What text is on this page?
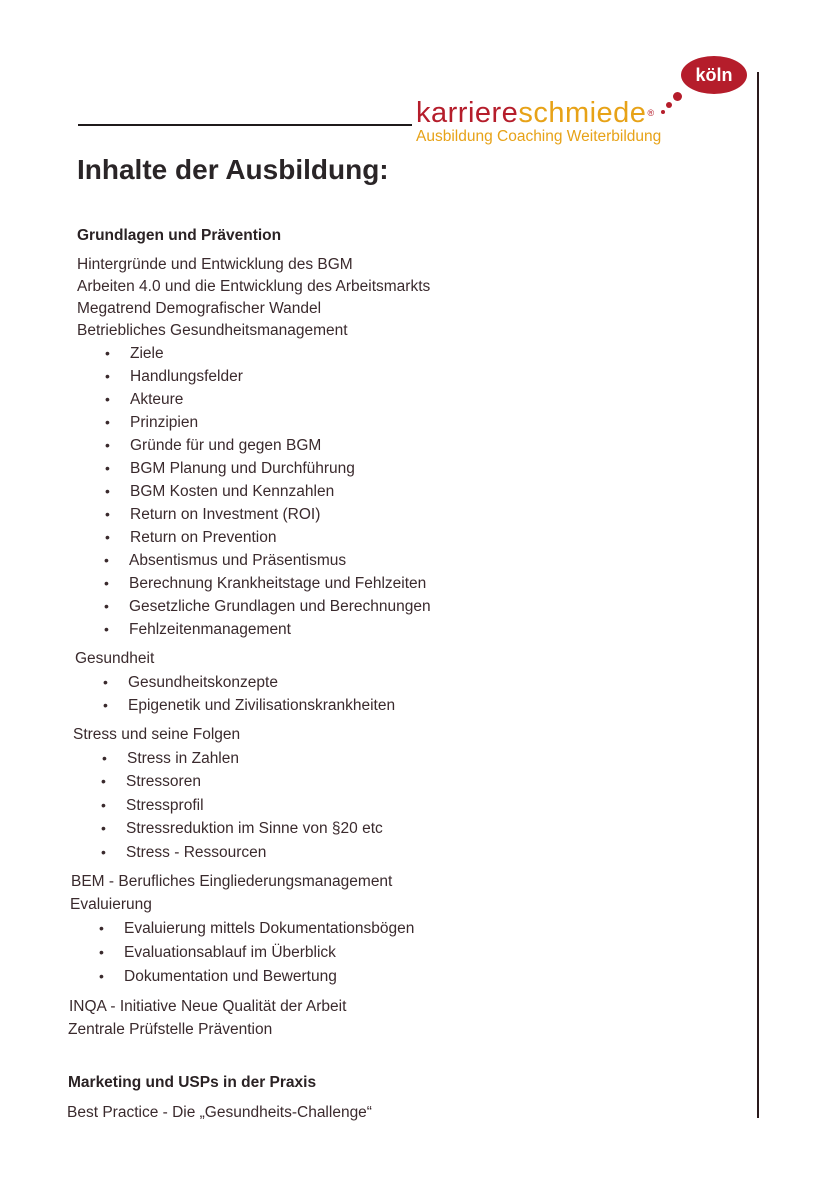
köln
karriereschmiede®
Ausbildung Coaching Weiterbildung
Inhalte der Ausbildung:
Grundlagen und Prävention
Hintergründe und Entwicklung des BGM
Arbeiten 4.0 und die Entwicklung des Arbeitsmarkts
Megatrend Demografischer Wandel
Betriebliches Gesundheitsmanagement
• Ziele
• Handlungsfelder
• Akteure
• Prinzipien
• Gründe für und gegen BGM
• BGM Planung und Durchführung
• BGM Kosten und Kennzahlen
• Return on Investment (ROI)
• Return on Prevention
• Absentismus und Präsentismus
• Berechnung Krankheitstage und Fehlzeiten
• Gesetzliche Grundlagen und Berechnungen
• Fehlzeitenmanagement
Gesundheit
• Gesundheitskonzepte
• Epigenetik und Zivilisationskrankheiten
Stress und seine Folgen
• Stress in Zahlen
• Stressoren
• Stressprofil
• Stressreduktion im Sinne von §20 etc
• Stress - Ressourcen
BEM - Berufliches Eingliederungsmanagement
Evaluierung
• Evaluierung mittels Dokumentationsbögen
• Evaluationsablauf im Überblick
• Dokumentation und Bewertung
INQA - Initiative Neue Qualität der Arbeit
Zentrale Prüfstelle Prävention
Marketing und USPs in der Praxis
Best Practice - Die „Gesundheits-Challenge“
